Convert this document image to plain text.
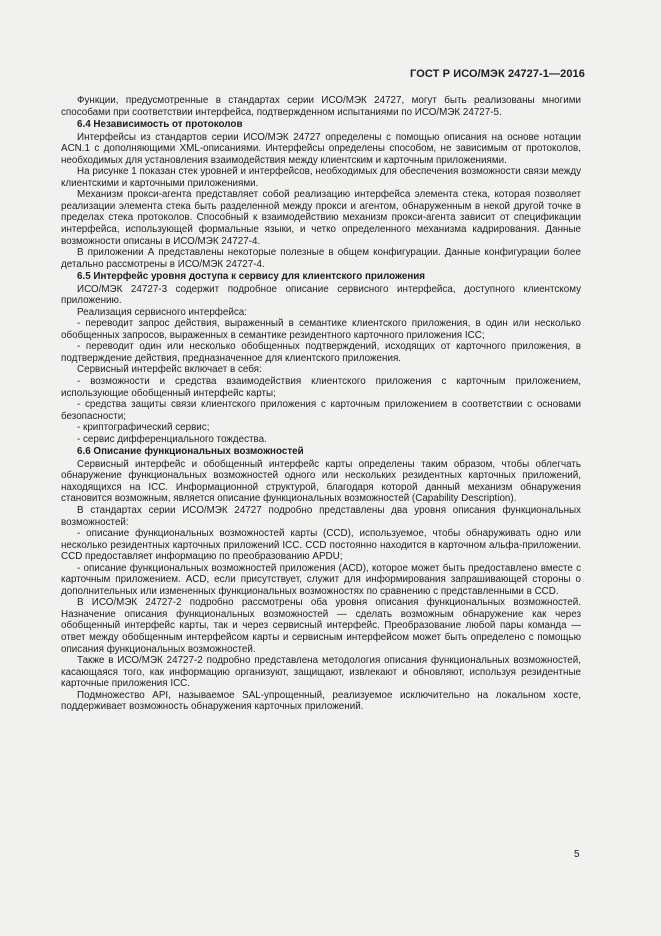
ГОСТ Р ИСО/МЭК 24727-1—2016

Функции, предусмотренные в стандартах серии ИСО/МЭК 24727, могут быть реализованы многими способами при соответствии интерфейса, подтвержденном испытаниями по ИСО/МЭК 24727-5.

6.4 Независимость от протоколов

Интерфейсы из стандартов серии ИСО/МЭК 24727 определены с помощью описания на основе нотации ACN.1 с дополняющими XML-описаниями. Интерфейсы определены способом, не зависимым от протоколов, необходимых для установления взаимодействия между клиентским и карточным приложениями.

На рисунке 1 показан стек уровней и интерфейсов, необходимых для обеспечения возможности связи между клиентскими и карточными приложениями.

Механизм прокси-агента представляет собой реализацию интерфейса элемента стека, которая позволяет реализации элемента стека быть разделенной между прокси и агентом, обнаруженным в некой другой точке в пределах стека протоколов. Способный к взаимодействию механизм прокси-агента зависит от спецификации интерфейса, использующей формальные языки, и четко определенного механизма кадрирования. Данные возможности описаны в ИСО/МЭК 24727-4.

В приложении А представлены некоторые полезные в общем конфигурации. Данные конфигурации более детально рассмотрены в ИСО/МЭК 24727-4.

6.5 Интерфейс уровня доступа к сервису для клиентского приложения

ИСО/МЭК 24727-3 содержит подробное описание сервисного интерфейса, доступного клиентскому приложению.

Реализация сервисного интерфейса:

- переводит запрос действия, выраженный в семантике клиентского приложения, в один или несколько обобщенных запросов, выраженных в семантике резидентного карточного приложения ICC;

- переводит один или несколько обобщенных подтверждений, исходящих от карточного приложения, в подтверждение действия, предназначенное для клиентского приложения.

Сервисный интерфейс включает в себя:

- возможности и средства взаимодействия клиентского приложения с карточным приложением, использующие обобщенный интерфейс карты;

- средства защиты связи клиентского приложения с карточным приложением в соответствии с основами безопасности;

- криптографический сервис;

- сервис дифференциального тождества.

6.6 Описание функциональных возможностей

Сервисный интерфейс и обобщенный интерфейс карты определены таким образом, чтобы облегчать обнаружение функциональных возможностей одного или нескольких резидентных карточных приложений, находящихся на ICC. Информационной структурой, благодаря которой данный механизм обнаружения становится возможным, является описание функциональных возможностей (Capability Description).

В стандартах серии ИСО/МЭК 24727 подробно представлены два уровня описания функциональных возможностей:

- описание функциональных возможностей карты (CCD), используемое, чтобы обнаруживать одно или несколько резидентных карточных приложений ICC. CCD постоянно находится в карточном альфа-приложении. CCD предоставляет информацию по преобразованию APDU;

- описание функциональных возможностей приложения (ACD), которое может быть предоставлено вместе с карточным приложением. ACD, если присутствует, служит для информирования запрашивающей стороны о дополнительных или измененных функциональных возможностях по сравнению с представленными в CCD.

В ИСО/МЭК 24727-2 подробно рассмотрены оба уровня описания функциональных возможностей. Назначение описания функциональных возможностей — сделать возможным обнаружение как через обобщенный интерфейс карты, так и через сервисный интерфейс. Преобразование любой пары команда — ответ между обобщенным интерфейсом карты и сервисным интерфейсом может быть определено с помощью описания функциональных возможностей.

Также в ИСО/МЭК 24727-2 подробно представлена методология описания функциональных возможностей, касающаяся того, как информацию организуют, защищают, извлекают и обновляют, используя резидентные карточные приложения ICC.

Подмножество API, называемое SAL-упрощенный, реализуемое исключительно на локальном хосте, поддерживает возможность обнаружения карточных приложений.

5
